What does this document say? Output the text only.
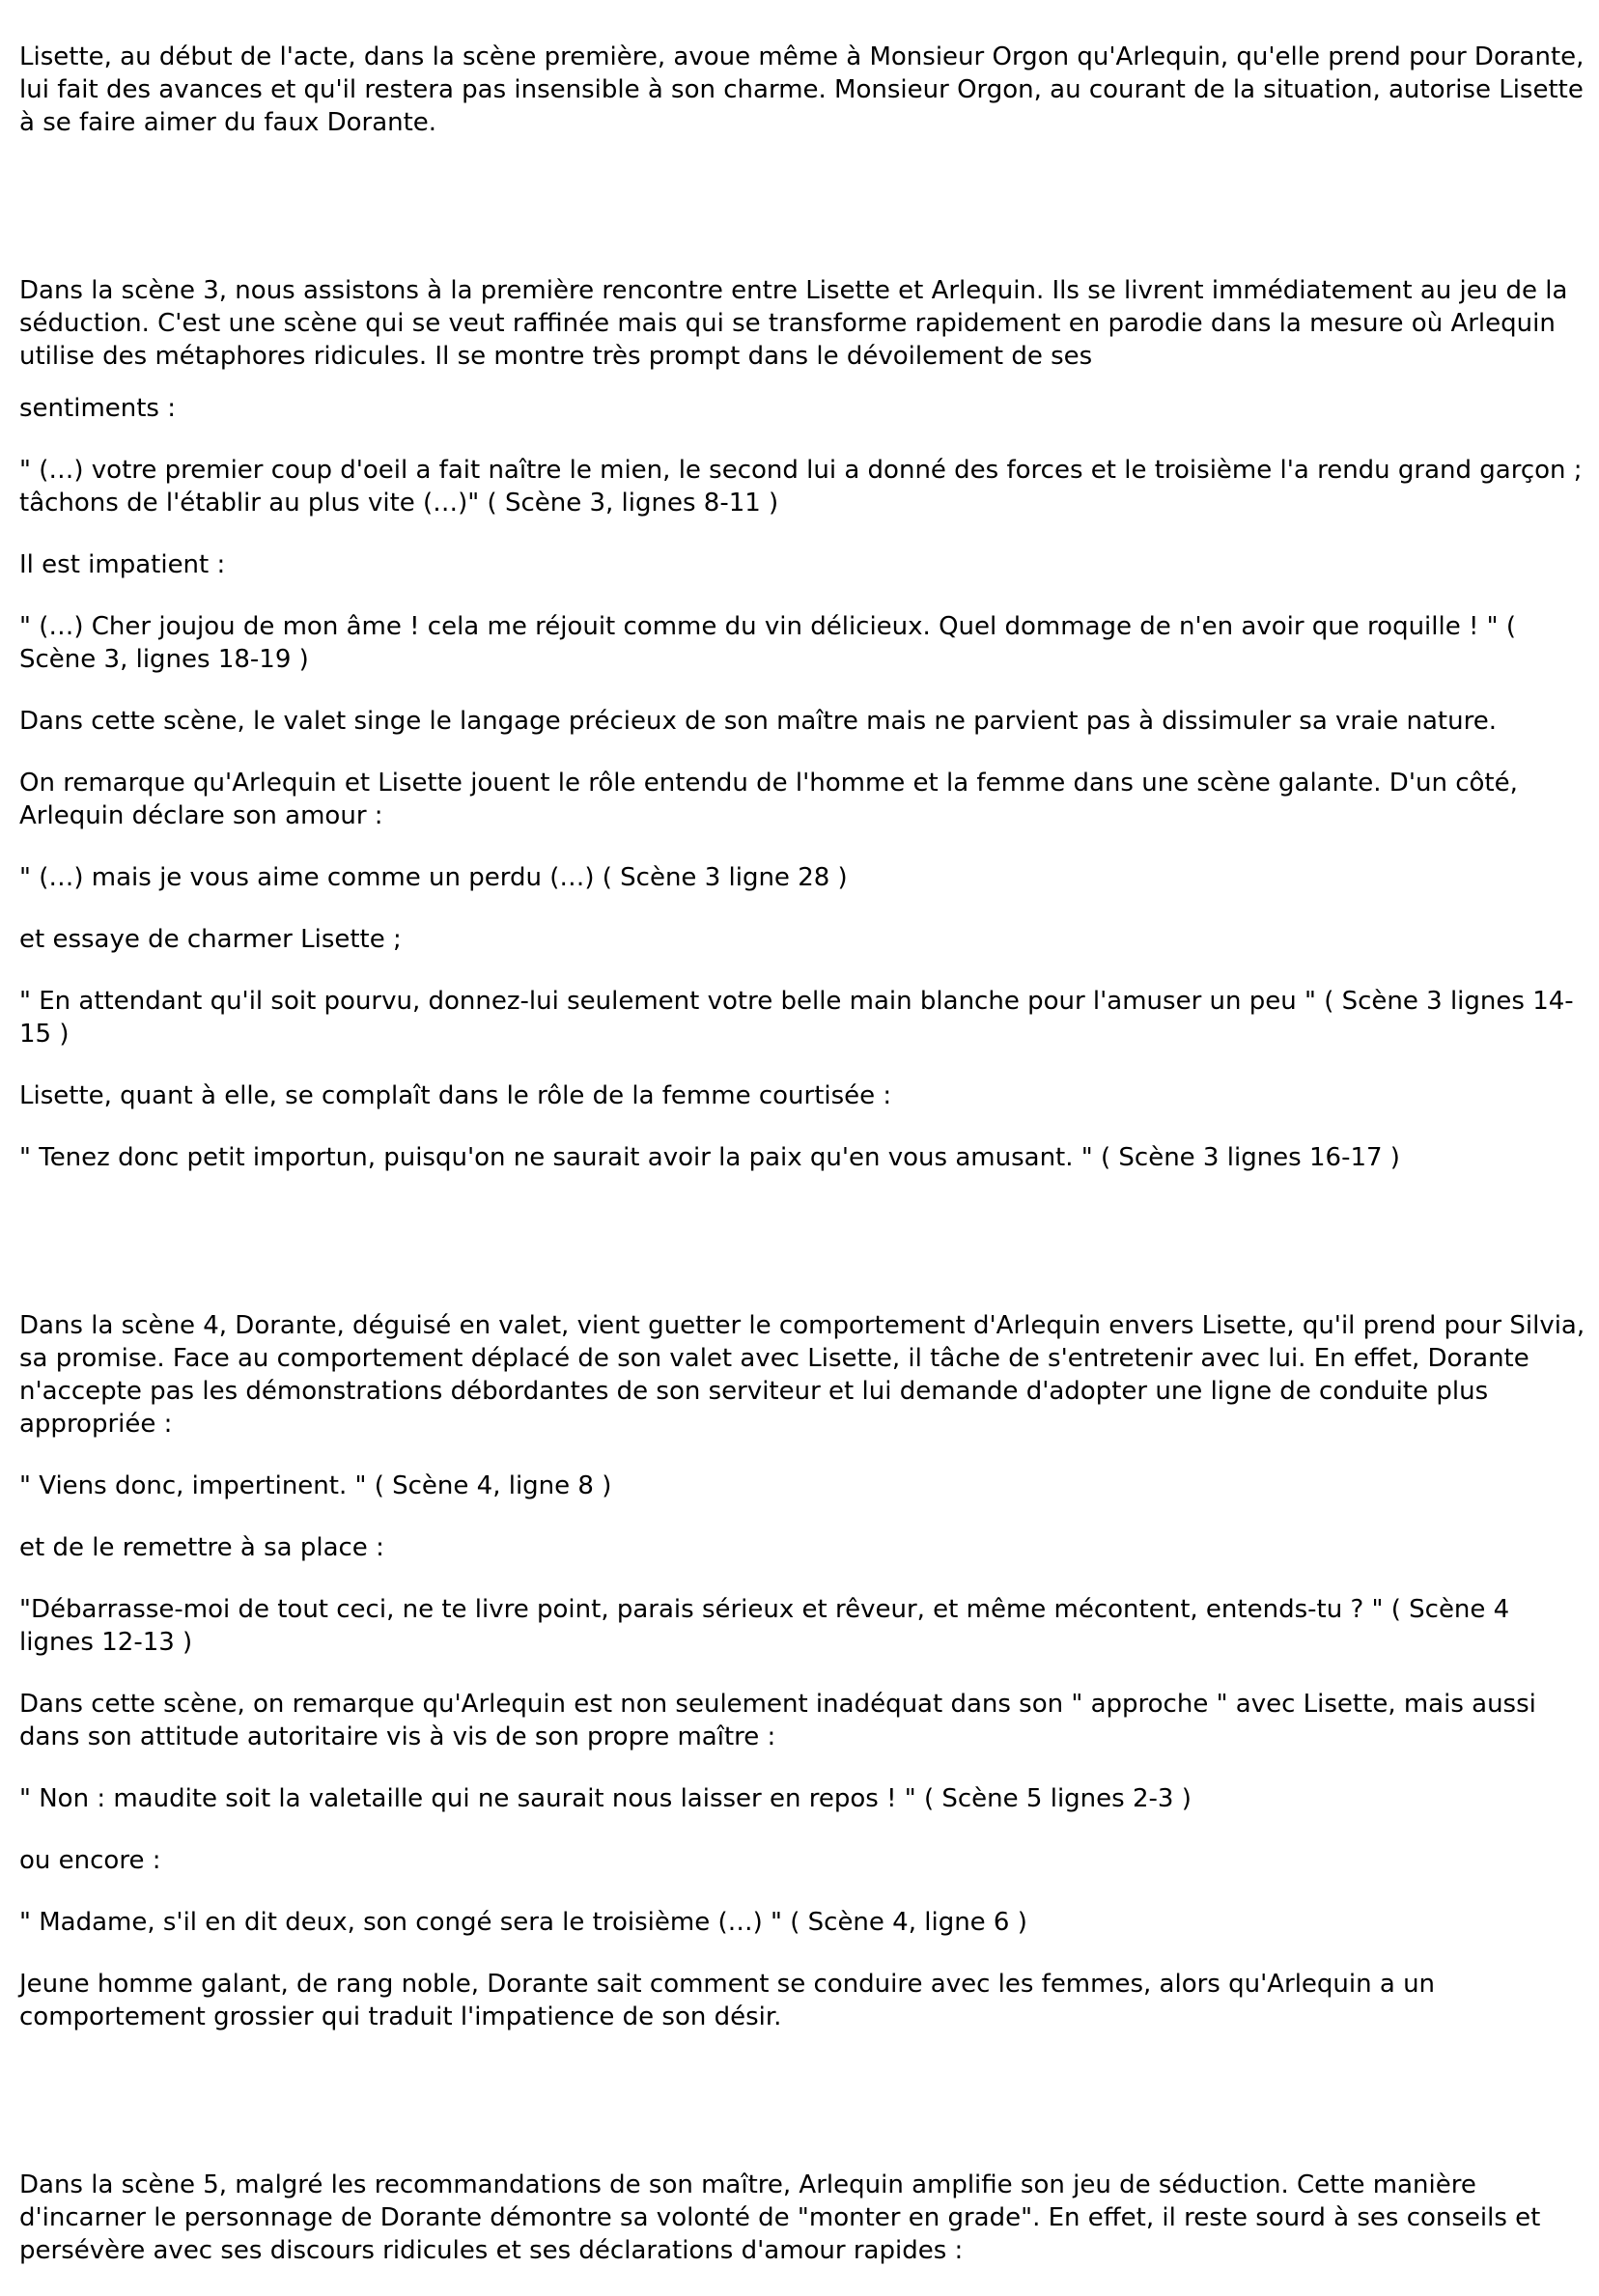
Lisette, au début de l'acte, dans la scène première, avoue même à Monsieur Orgon qu'Arlequin, qu'elle prend pour Dorante, lui fait des avances et qu'il restera pas insensible à son charme. Monsieur Orgon, au courant de la situation, autorise Lisette à se faire aimer du faux Dorante.

Dans la scène 3, nous assistons à la première rencontre entre Lisette et Arlequin. Ils se livrent immédiatement au jeu de la séduction. C'est une scène qui se veut raffinée mais qui se transforme rapidement en parodie dans la mesure où Arlequin utilise des métaphores ridicules. Il se montre très prompt dans le dévoilement de ses

sentiments :

" (…) votre premier coup d'oeil a fait naître le mien, le second lui a donné des forces et le troisième l'a rendu grand garçon ; tâchons de l'établir au plus vite (…)" ( Scène 3, lignes 8-11 )

Il est impatient :

" (…) Cher joujou de mon âme ! cela me réjouit comme du vin délicieux. Quel dommage de n'en avoir que roquille ! " ( Scène 3, lignes 18-19 )

Dans cette scène, le valet singe le langage précieux de son maître mais ne parvient pas à dissimuler sa vraie nature.

On remarque qu'Arlequin et Lisette jouent le rôle entendu de l'homme et la femme dans une scène galante. D'un côté, Arlequin déclare son amour :

" (…) mais je vous aime comme un perdu (…) ( Scène 3 ligne 28 )

et essaye de charmer Lisette ;

" En attendant qu'il soit pourvu, donnez-lui seulement votre belle main blanche pour l'amuser un peu " ( Scène 3 lignes 14-15 )

Lisette, quant à elle, se complaît dans le rôle de la femme courtisée :

" Tenez donc petit importun, puisqu'on ne saurait avoir la paix qu'en vous amusant. " ( Scène 3 lignes 16-17 )

Dans la scène 4, Dorante, déguisé en valet, vient guetter le comportement d'Arlequin envers Lisette, qu'il prend pour Silvia, sa promise. Face au comportement déplacé de son valet avec Lisette, il tâche de s'entretenir avec lui. En effet, Dorante n'accepte pas les démonstrations débordantes de son serviteur et lui demande d'adopter une ligne de conduite plus appropriée :

" Viens donc, impertinent. " ( Scène 4, ligne 8 )

et de le remettre à sa place :

"Débarrasse-moi de tout ceci, ne te livre point, parais sérieux et rêveur, et même mécontent, entends-tu ? " ( Scène 4 lignes 12-13 )

Dans cette scène, on remarque qu'Arlequin est non seulement inadéquat dans son " approche " avec Lisette, mais aussi dans son attitude autoritaire vis à vis de son propre maître :

" Non : maudite soit la valetaille qui ne saurait nous laisser en repos ! " ( Scène 5 lignes 2-3 )

ou encore :

" Madame, s'il en dit deux, son congé sera le troisième (…) " ( Scène 4, ligne 6 )

Jeune homme galant, de rang noble, Dorante sait comment se conduire avec les femmes, alors qu'Arlequin a un comportement grossier qui traduit l'impatience de son désir.

Dans la scène 5, malgré les recommandations de son maître, Arlequin amplifie son jeu de séduction. Cette manière d'incarner le personnage de Dorante démontre sa volonté de "monter en grade". En effet, il reste sourd à ses conseils et persévère avec ses discours ridicules et ses déclarations d'amour rapides :
